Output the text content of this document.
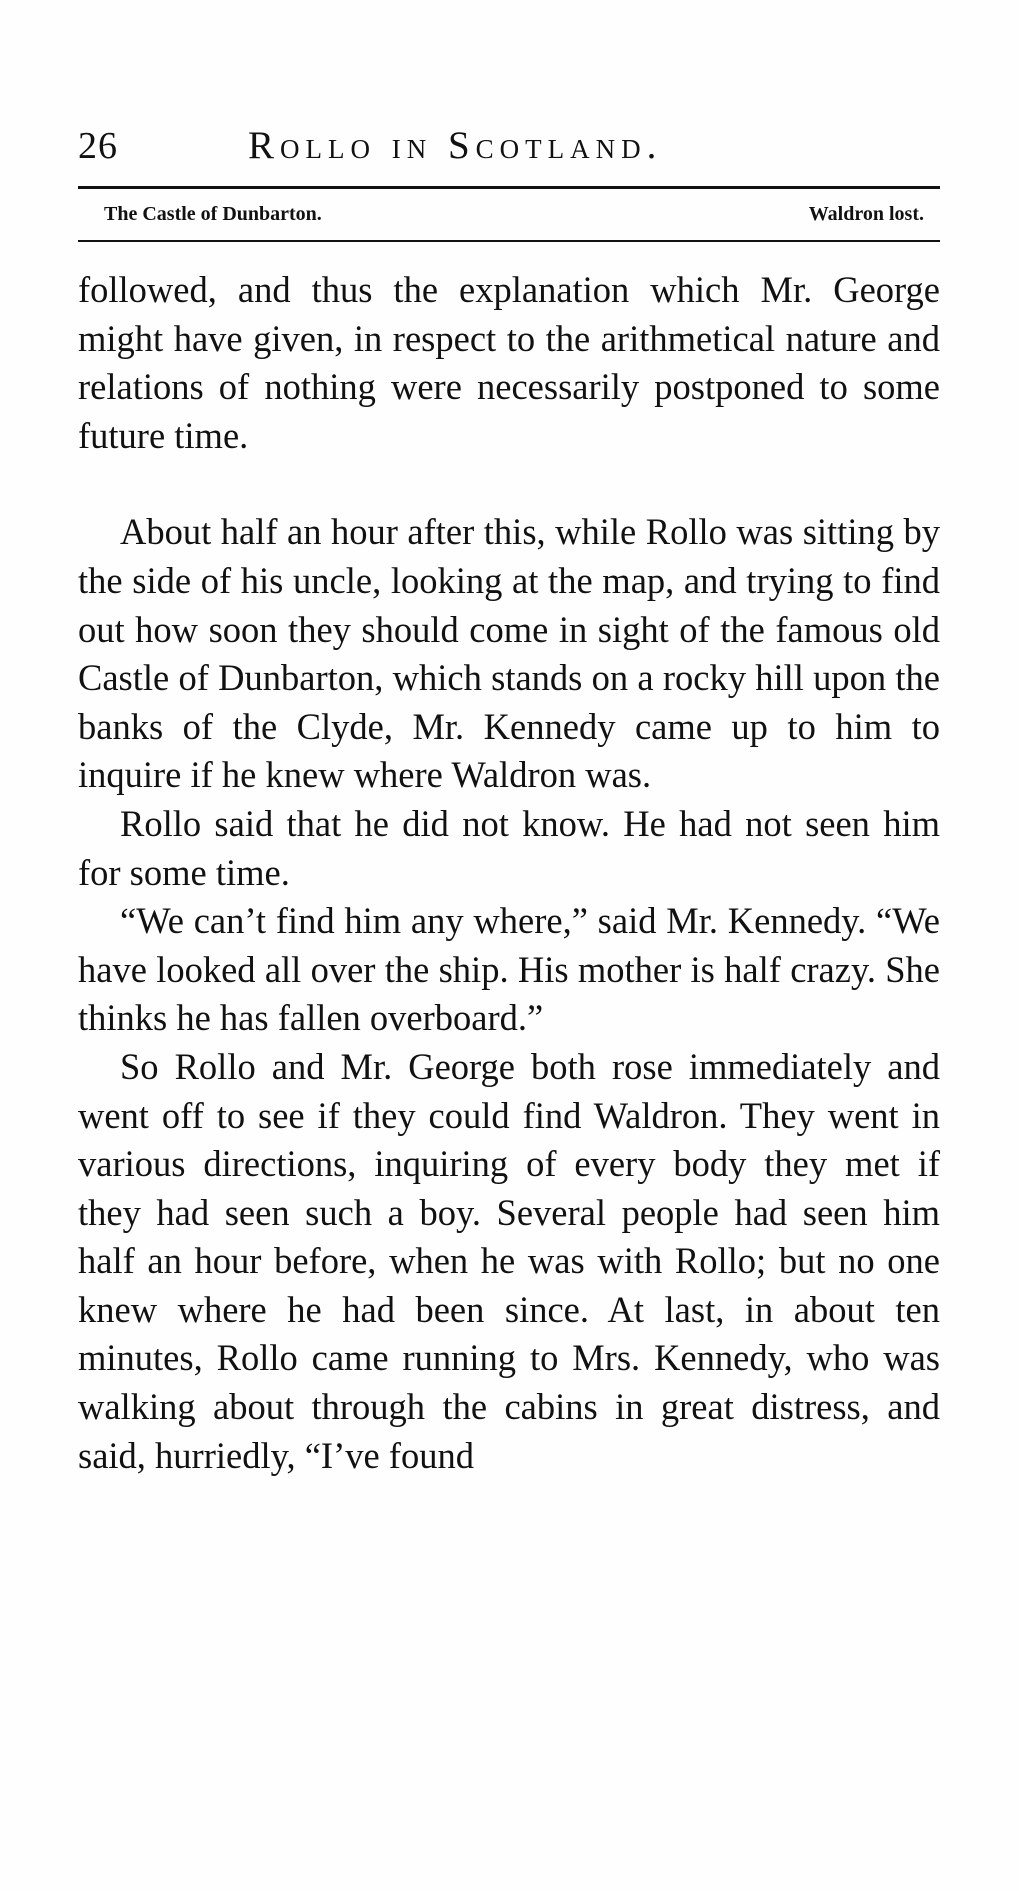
26	Rollo in Scotland.
The Castle of Dunbarton.	Waldron lost.

followed, and thus the explanation which Mr. George might have given, in respect to the arithmetical nature and relations of nothing were necessarily postponed to some future time.

About half an hour after this, while Rollo was sitting by the side of his uncle, looking at the map, and trying to find out how soon they should come in sight of the famous old Castle of Dunbarton, which stands on a rocky hill upon the banks of the Clyde, Mr. Kennedy came up to him to inquire if he knew where Waldron was.

Rollo said that he did not know. He had not seen him for some time.

“We can’t find him any where,” said Mr. Kennedy. “We have looked all over the ship. His mother is half crazy. She thinks he has fallen overboard.”

So Rollo and Mr. George both rose immediately and went off to see if they could find Waldron. They went in various directions, inquiring of every body they met if they had seen such a boy. Several people had seen him half an hour before, when he was with Rollo; but no one knew where he had been since. At last, in about ten minutes, Rollo came running to Mrs. Kennedy, who was walking about through the cabins in great distress, and said, hurriedly, “I’ve found
